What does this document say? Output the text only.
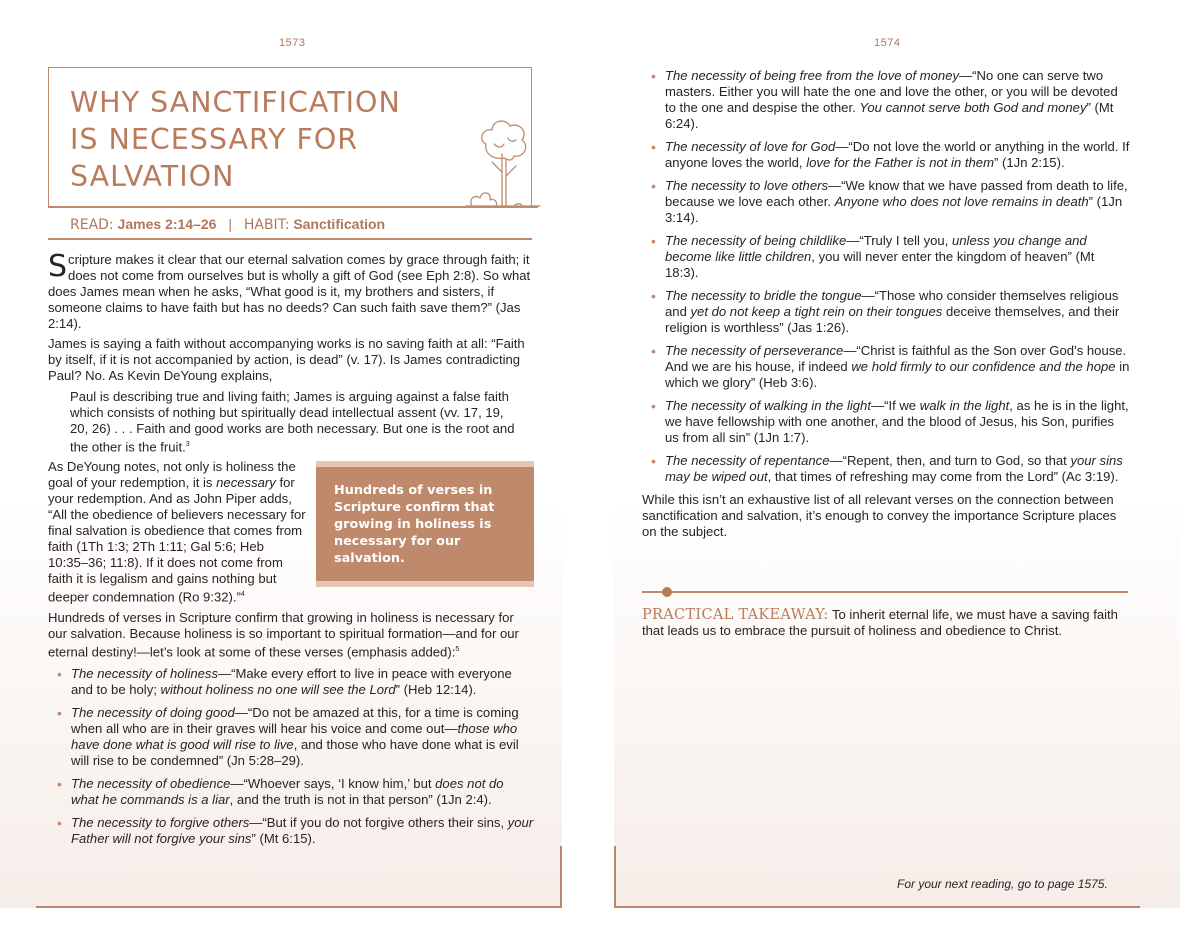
1573	1574
WHY SANCTIFICATION IS NECESSARY FOR SALVATION
READ: James 2:14–26 | HABIT: Sanctification

Scripture makes it clear that our eternal salvation comes by grace through faith; it does not come from ourselves but is wholly a gift of God (see Eph 2:8). So what does James mean when he asks, “What good is it, my brothers and sisters, if someone claims to have faith but has no deeds? Can such faith save them?” (Jas 2:14).

James is saying a faith without accompanying works is no saving faith at all: “Faith by itself, if it is not accompanied by action, is dead” (v. 17). Is James contradicting Paul? No. As Kevin DeYoung explains,

Paul is describing true and living faith; James is arguing against a false faith which consists of nothing but spiritually dead intellectual assent (vv. 17, 19, 20, 26) . . . Faith and good works are both necessary. But one is the root and the other is the fruit.$^3$

Hundreds of verses in Scripture confirm that growing in holiness is necessary for our salvation.

As DeYoung notes, not only is holiness the goal of your redemption, it is necessary for your redemption. And as John Piper adds, “All the obedience of believers necessary for final salvation is obedience that comes from faith (1Th 1:3; 2Th 1:11; Gal 5:6; Heb 10:35–36; 11:8). If it does not come from faith it is legalism and gains nothing but deeper condemnation (Ro 9:32).”$^4$

Hundreds of verses in Scripture confirm that growing in holiness is necessary for our salvation. Because holiness is so important to spiritual formation—and for our eternal destiny!—let’s look at some of these verses (emphasis added):$^5$

• The necessity of holiness—“Make every effort to live in peace with everyone and to be holy; without holiness no one will see the Lord” (Heb 12:14).
• The necessity of doing good—“Do not be amazed at this, for a time is coming when all who are in their graves will hear his voice and come out—those who have done what is good will rise to live, and those who have done what is evil will rise to be condemned” (Jn 5:28–29).
• The necessity of obedience—“Whoever says, ‘I know him,’ but does not do what he commands is a liar, and the truth is not in that person” (1Jn 2:4).
• The necessity to forgive others—“But if you do not forgive others their sins, your Father will not forgive your sins” (Mt 6:15).
• The necessity of being free from the love of money—“No one can serve two masters. Either you will hate the one and love the other, or you will be devoted to the one and despise the other. You cannot serve both God and money” (Mt 6:24).
• The necessity of love for God—“Do not love the world or anything in the world. If anyone loves the world, love for the Father is not in them” (1Jn 2:15).
• The necessity to love others—“We know that we have passed from death to life, because we love each other. Anyone who does not love remains in death” (1Jn 3:14).
• The necessity of being childlike—“Truly I tell you, unless you change and become like little children, you will never enter the kingdom of heaven” (Mt 18:3).
• The necessity to bridle the tongue—“Those who consider themselves religious and yet do not keep a tight rein on their tongues deceive themselves, and their religion is worthless” (Jas 1:26).
• The necessity of perseverance—“Christ is faithful as the Son over God’s house. And we are his house, if indeed we hold firmly to our confidence and the hope in which we glory” (Heb 3:6).
• The necessity of walking in the light—“If we walk in the light, as he is in the light, we have fellowship with one another, and the blood of Jesus, his Son, purifies us from all sin” (1Jn 1:7).
• The necessity of repentance—“Repent, then, and turn to God, so that your sins may be wiped out, that times of refreshing may come from the Lord” (Ac 3:19).

While this isn’t an exhaustive list of all relevant verses on the connection between sanctification and salvation, it’s enough to convey the importance Scripture places on the subject.

PRACTICAL TAKEAWAY: To inherit eternal life, we must have a saving faith that leads us to embrace the pursuit of holiness and obedience to Christ.
For your next reading, go to page 1575.
